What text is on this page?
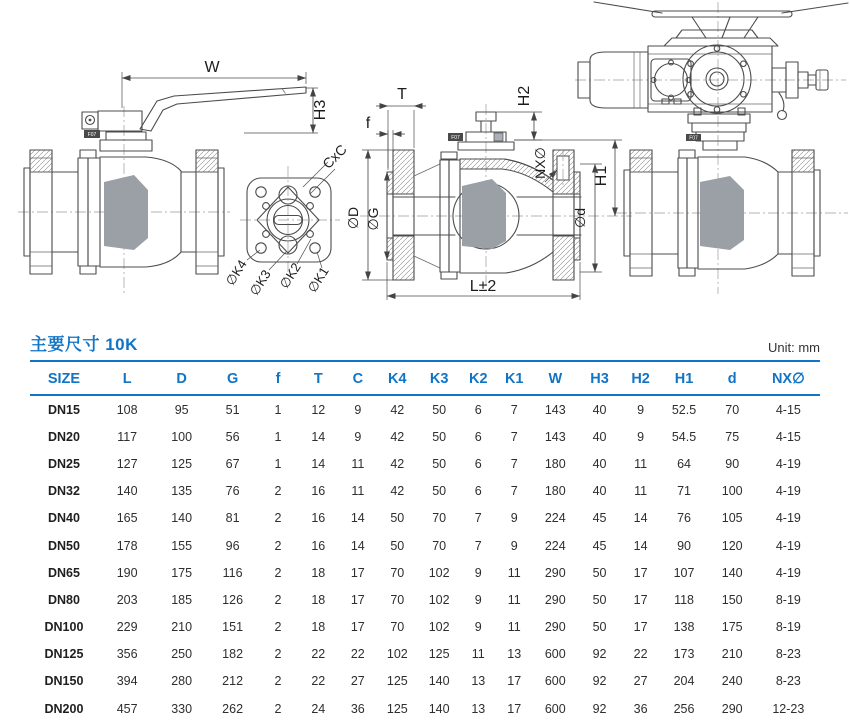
F07
W
H3
CxC
∅K4
∅K3 ∅K2 ∅K1
F07
T
f
∅D ∅G
NX∅
H2
H1
∅d
L±2
F07
主要尺寸 10K	Unit: mm
SIZE	L	D	G	f	T	C	K4	K3	K2	K1	W	H3	H2	H1	d	NX∅
DN15	108	95	51	1	12	9	42	50	6	7	143	40	9	52.5	70	4-15
DN20	117	100	56	1	14	9	42	50	6	7	143	40	9	54.5	75	4-15
DN25	127	125	67	1	14	11	42	50	6	7	180	40	11	64	90	4-19
DN32	140	135	76	2	16	11	42	50	6	7	180	40	11	71	100	4-19
DN40	165	140	81	2	16	14	50	70	7	9	224	45	14	76	105	4-19
DN50	178	155	96	2	16	14	50	70	7	9	224	45	14	90	120	4-19
DN65	190	175	116	2	18	17	70	102	9	11	290	50	17	107	140	4-19
DN80	203	185	126	2	18	17	70	102	9	11	290	50	17	118	150	8-19
DN100	229	210	151	2	18	17	70	102	9	11	290	50	17	138	175	8-19
DN125	356	250	182	2	22	22	102	125	11	13	600	92	22	173	210	8-23
DN150	394	280	212	2	22	27	125	140	13	17	600	92	27	204	240	8-23
DN200	457	330	262	2	24	36	125	140	13	17	600	92	36	256	290	12-23
